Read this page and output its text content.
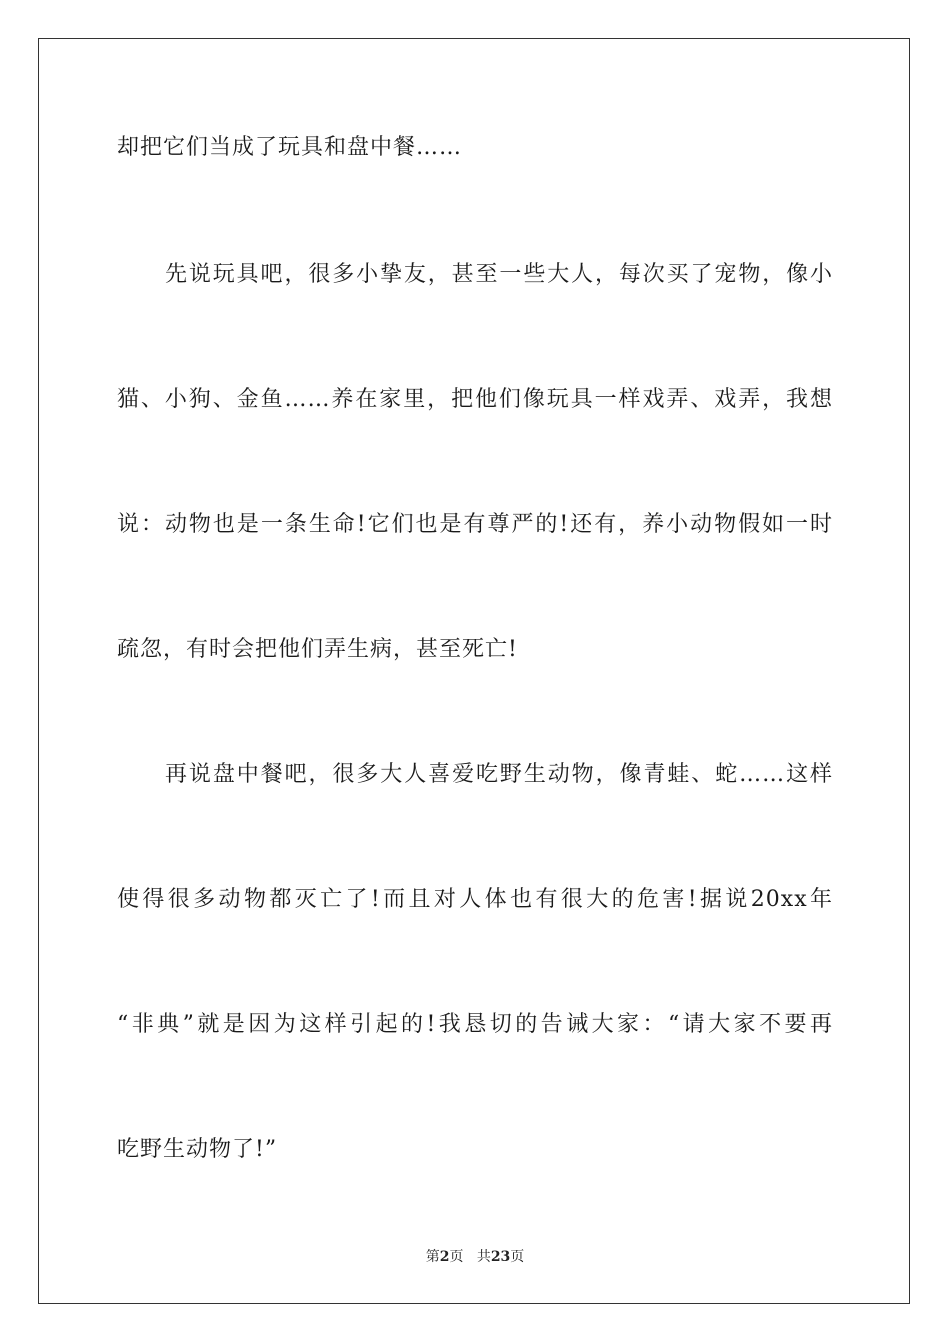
却把它们当成了玩具和盘中餐……

先说玩具吧，很多小挚友，甚至一些大人，每次买了宠物，像小

猫、小狗、金鱼……养在家里，把他们像玩具一样戏弄、戏弄，我想

说：动物也是一条生命!它们也是有尊严的!还有，养小动物假如一时

疏忽，有时会把他们弄生病，甚至死亡!

再说盘中餐吧，很多大人喜爱吃野生动物，像青蛙、蛇……这样

使得很多动物都灭亡了!而且对人体也有很大的危害!据说20xx年

“非典”就是因为这样引起的!我恳切的告诫大家：“请大家不要再

吃野生动物了!”

第2页 共23页
